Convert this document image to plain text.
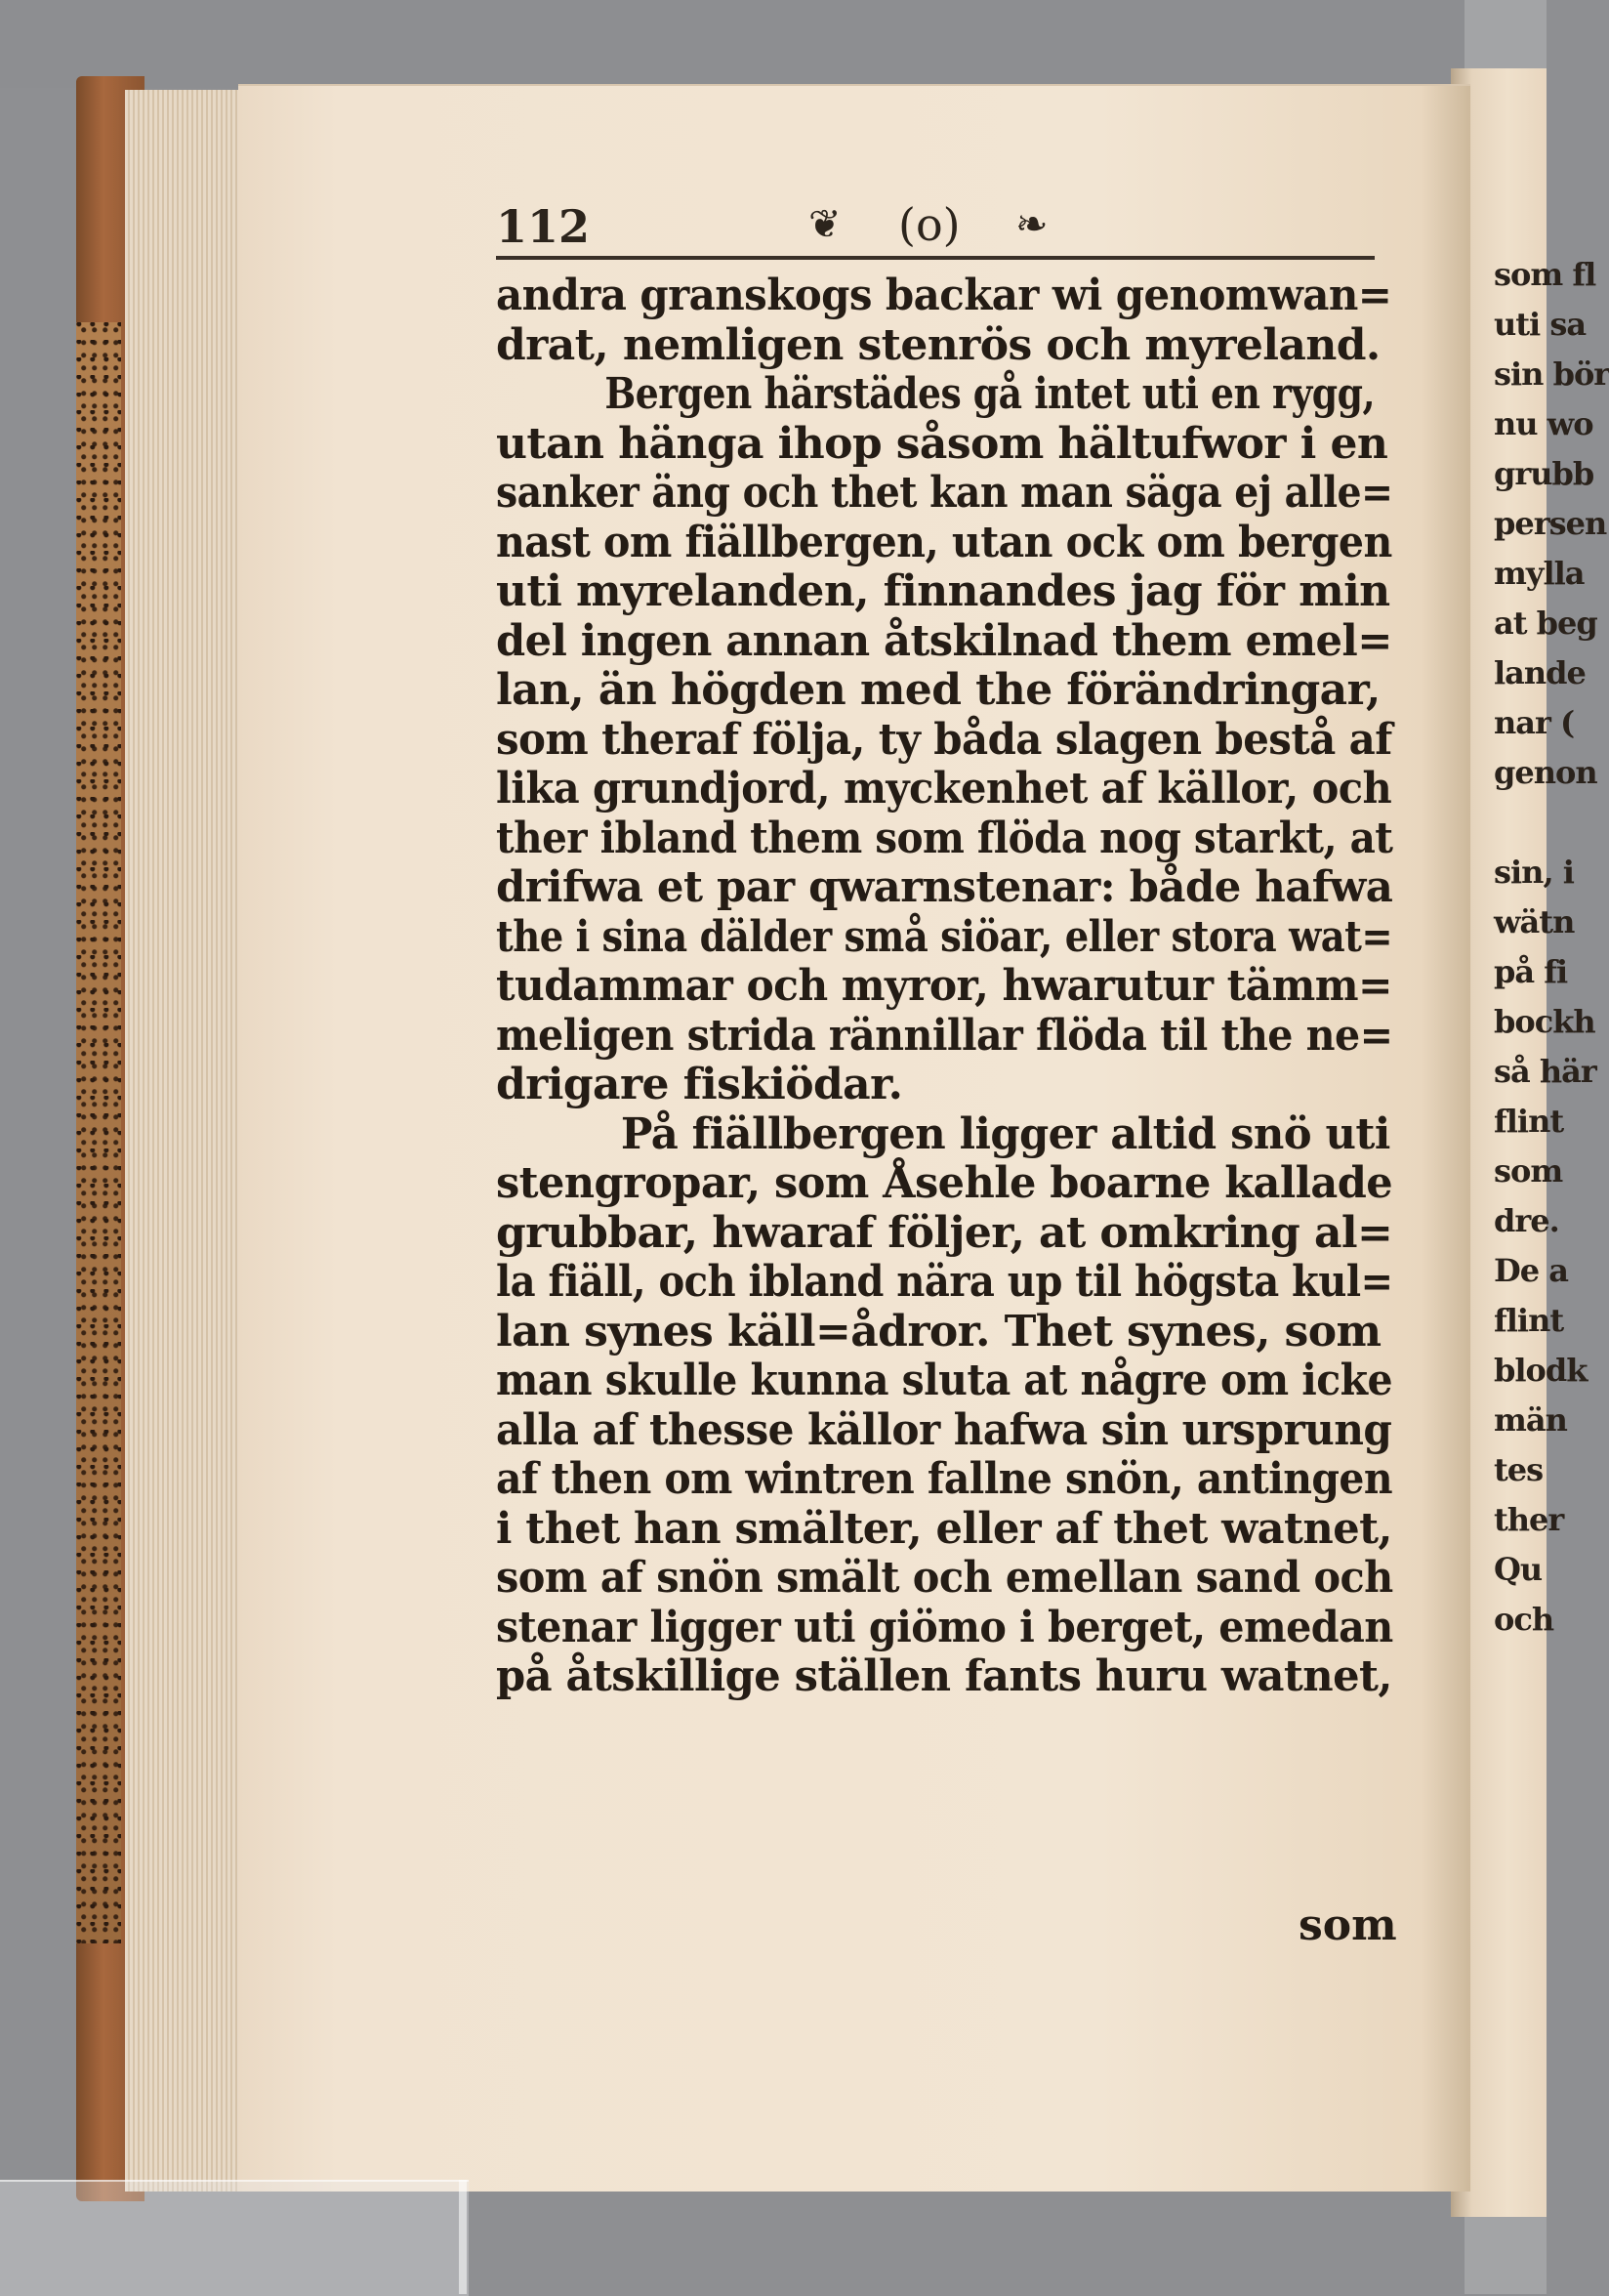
112	❦ (o) ❧
andra granskogs backar wi genomwan=
drat, nemligen stenrös och myreland.
Bergen härstädes gå intet uti en rygg,
utan hänga ihop såsom hältufwor i en
sanker äng och thet kan man säga ej alle=
nast om fiällbergen, utan ock om bergen
uti myrelanden, finnandes jag för min
del ingen annan åtskilnad them emel=
lan, än högden med the förändringar,
som theraf följa, ty båda slagen bestå af
lika grundjord, myckenhet af källor, och
ther ibland them som flöda nog starkt, at
drifwa et par qwarnstenar: både hafwa
the i sina dälder små siöar, eller stora wat=
tudammar och myror, hwarutur tämm=
meligen strida rännillar flöda til the ne=
drigare fiskiödar.
På fiällbergen ligger altid snö uti
stengropar, som Åsehle boarne kallade
grubbar, hwaraf följer, at omkring al=
la fiäll, och ibland nära up til högsta kul=
lan synes käll=ådror. Thet synes, som
man skulle kunna sluta at någre om icke
alla af thesse källor hafwa sin ursprung
af then om wintren fallne snön, antingen
i thet han smälter, eller af thet watnet,
som af snön smält och emellan sand och
stenar ligger uti giömo i berget, emedan
på åtskillige ställen fants huru watnet,
som
som fl
uti sa
sin bör
nu wo
grubb
persen
mylla
at beg
lande
nar (
genon
sin, i
wätn
på fi
bockh
så här
flint
som
dre.
De a
flint
blodk
män
tes
ther
Qu
och
